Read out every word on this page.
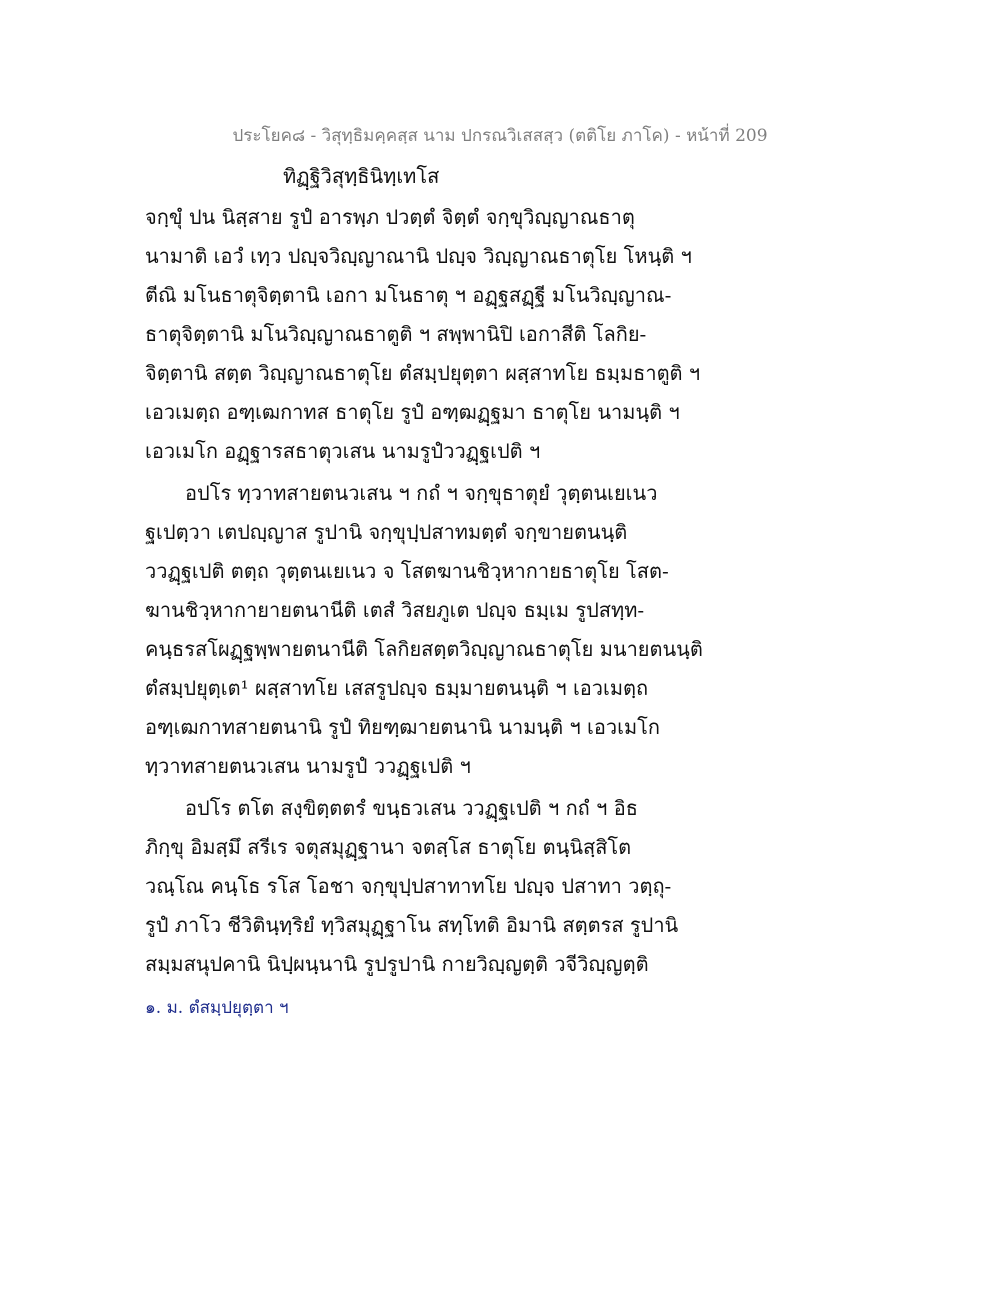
ประโยค๘ - วิสุทฺธิมคฺคสฺส นาม ปกรณวิเสสสฺว (ตติโย ภาโค) - หน้าที่ 209
ทิฏฺฐิวิสุทฺธินิทฺเทโส
จกฺขุํ ปน นิสฺสาย รูปํ อารพฺภ ปวตฺตํ จิตฺตํ จกฺขุวิญฺญาณธาตุ
นามาติ เอวํ เทฺว ปญฺจวิญฺญาณานิ ปญฺจ วิญฺญาณธาตุโย โหนฺติ ฯ
ตีณิ มโนธาตุจิตฺตานิ เอกา มโนธาตุ ฯ อฏฺฐสฏฺฐี มโนวิญฺญาณ-
ธาตุจิตฺตานิ มโนวิญฺญาณธาตูติ ฯ สพฺพานิปิ เอกาสีติ โลกิย-
จิตฺตานิ สตฺต วิญฺญาณธาตุโย ตํสมฺปยุตฺตา ผสฺสาทโย ธมฺมธาตูติ ฯ
เอวเมตฺถ อฑฺเฒกาทส ธาตุโย รูปํ อฑฺฒฏฺฐมา ธาตุโย นามนฺติ ฯ
เอวเมโก อฏฺฐารสธาตุวเสน นามรูปํววฏฺฐเปติ ฯ
อปโร ทฺวาทสายตนวเสน ฯ กถํ ฯ จกฺขุธาตุยํ วุตฺตนเยเนว
ฐเปตฺวา เตปญฺญาส รูปานิ จกฺขุปฺปสาทมตฺตํ จกฺขายตนนฺติ
ววฏฺฐเปติ ตตฺถ วุตฺตนเยเนว จ โสตฆานชิวฺหากายธาตุโย โสต-
ฆานชิวฺหากายายตนานีติ เตสํ วิสยภูเต ปญฺจ ธมฺเม รูปสทฺท-
คนฺธรสโผฏฺฐพฺพายตนานีติ โลกิยสตฺตวิญฺญาณธาตุโย มนายตนนฺติ
ตํสมฺปยุตฺเต¹ ผสฺสาทโย เสสรูปญฺจ ธมฺมายตนนฺติ ฯ เอวเมตฺถ
อฑฺเฒกาทสายตนานิ รูปํ ทิยฑฺฒายตนานิ นามนฺติ ฯ เอวเมโก
ทฺวาทสายตนวเสน นามรูปํ ววฏฺฐเปติ ฯ
อปโร ตโต สงฺขิตฺตตรํ ขนฺธวเสน ววฏฺฐเปติ ฯ กถํ ฯ อิธ
ภิกฺขุ อิมสฺมึ สรีเร จตุสมุฏฺฐานา จตสฺโส ธาตุโย ตนฺนิสฺสิโต
วณฺโณ คนฺโธ รโส โอชา จกฺขุปฺปสาทาทโย ปญฺจ ปสาทา วตฺถุ-
รูปํ ภาโว ชีวิตินฺทฺริยํ ทฺวิสมุฏฺฐาโน สทฺโทติ อิมานิ สตฺตรส รูปานิ
สมฺมสนุปคานิ นิปฺผนฺนานิ รูปรูปานิ กายวิญฺญตฺติ วจีวิญฺญตฺติ
๑. ม. ตํสมฺปยุตฺตา ฯ
